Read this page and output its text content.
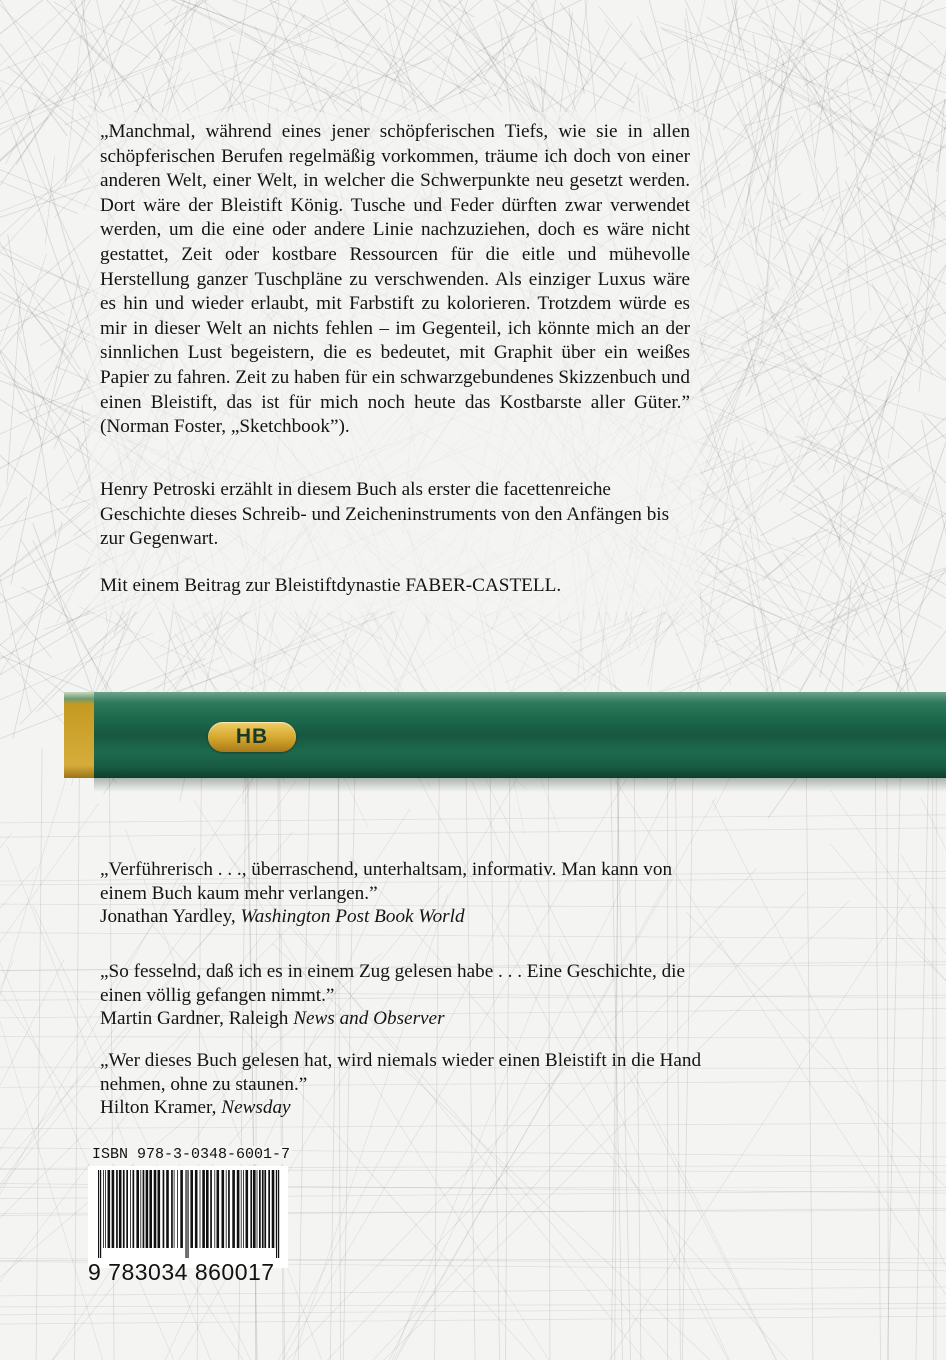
„Manchmal, während eines jener schöpferischen Tiefs, wie sie in allen schöpferischen Berufen regelmäßig vorkommen, träume ich doch von einer anderen Welt, einer Welt, in welcher die Schwerpunkte neu gesetzt werden. Dort wäre der Bleistift König. Tusche und Feder dürften zwar verwendet werden, um die eine oder andere Linie nachzuziehen, doch es wäre nicht gestattet, Zeit oder kostbare Ressourcen für die eitle und mühevolle Herstellung ganzer Tuschpläne zu verschwenden. Als einziger Luxus wäre es hin und wieder erlaubt, mit Farbstift zu kolorieren. Trotzdem würde es mir in dieser Welt an nichts fehlen – im Gegenteil, ich könnte mich an der sinnlichen Lust begeistern, die es bedeutet, mit Graphit über ein weißes Papier zu fahren. Zeit zu haben für ein schwarzgebundenes Skizzenbuch und einen Bleistift, das ist für mich noch heute das Kostbarste aller Güter.” (Norman Foster, „Sketchbook”).

Henry Petroski erzählt in diesem Buch als erster die facettenreiche Geschichte dieses Schreib- und Zeicheninstruments von den Anfängen bis zur Gegenwart.

Mit einem Beitrag zur Bleistiftdynastie FABER-CASTELL.

HB

„Verführerisch . . ., überraschend, unterhaltsam, informativ. Man kann von einem Buch kaum mehr verlangen.”

Jonathan Yardley, Washington Post Book World

„So fesselnd, daß ich es in einem Zug gelesen habe . . . Eine Geschichte, die einen völlig gefangen nimmt.”

Martin Gardner, Raleigh News and Observer

„Wer dieses Buch gelesen hat, wird niemals wieder einen Bleistift in die Hand nehmen, ohne zu staunen.”

Hilton Kramer, Newsday

ISBN 978-3-0348-6001-7
9 783034 860017
